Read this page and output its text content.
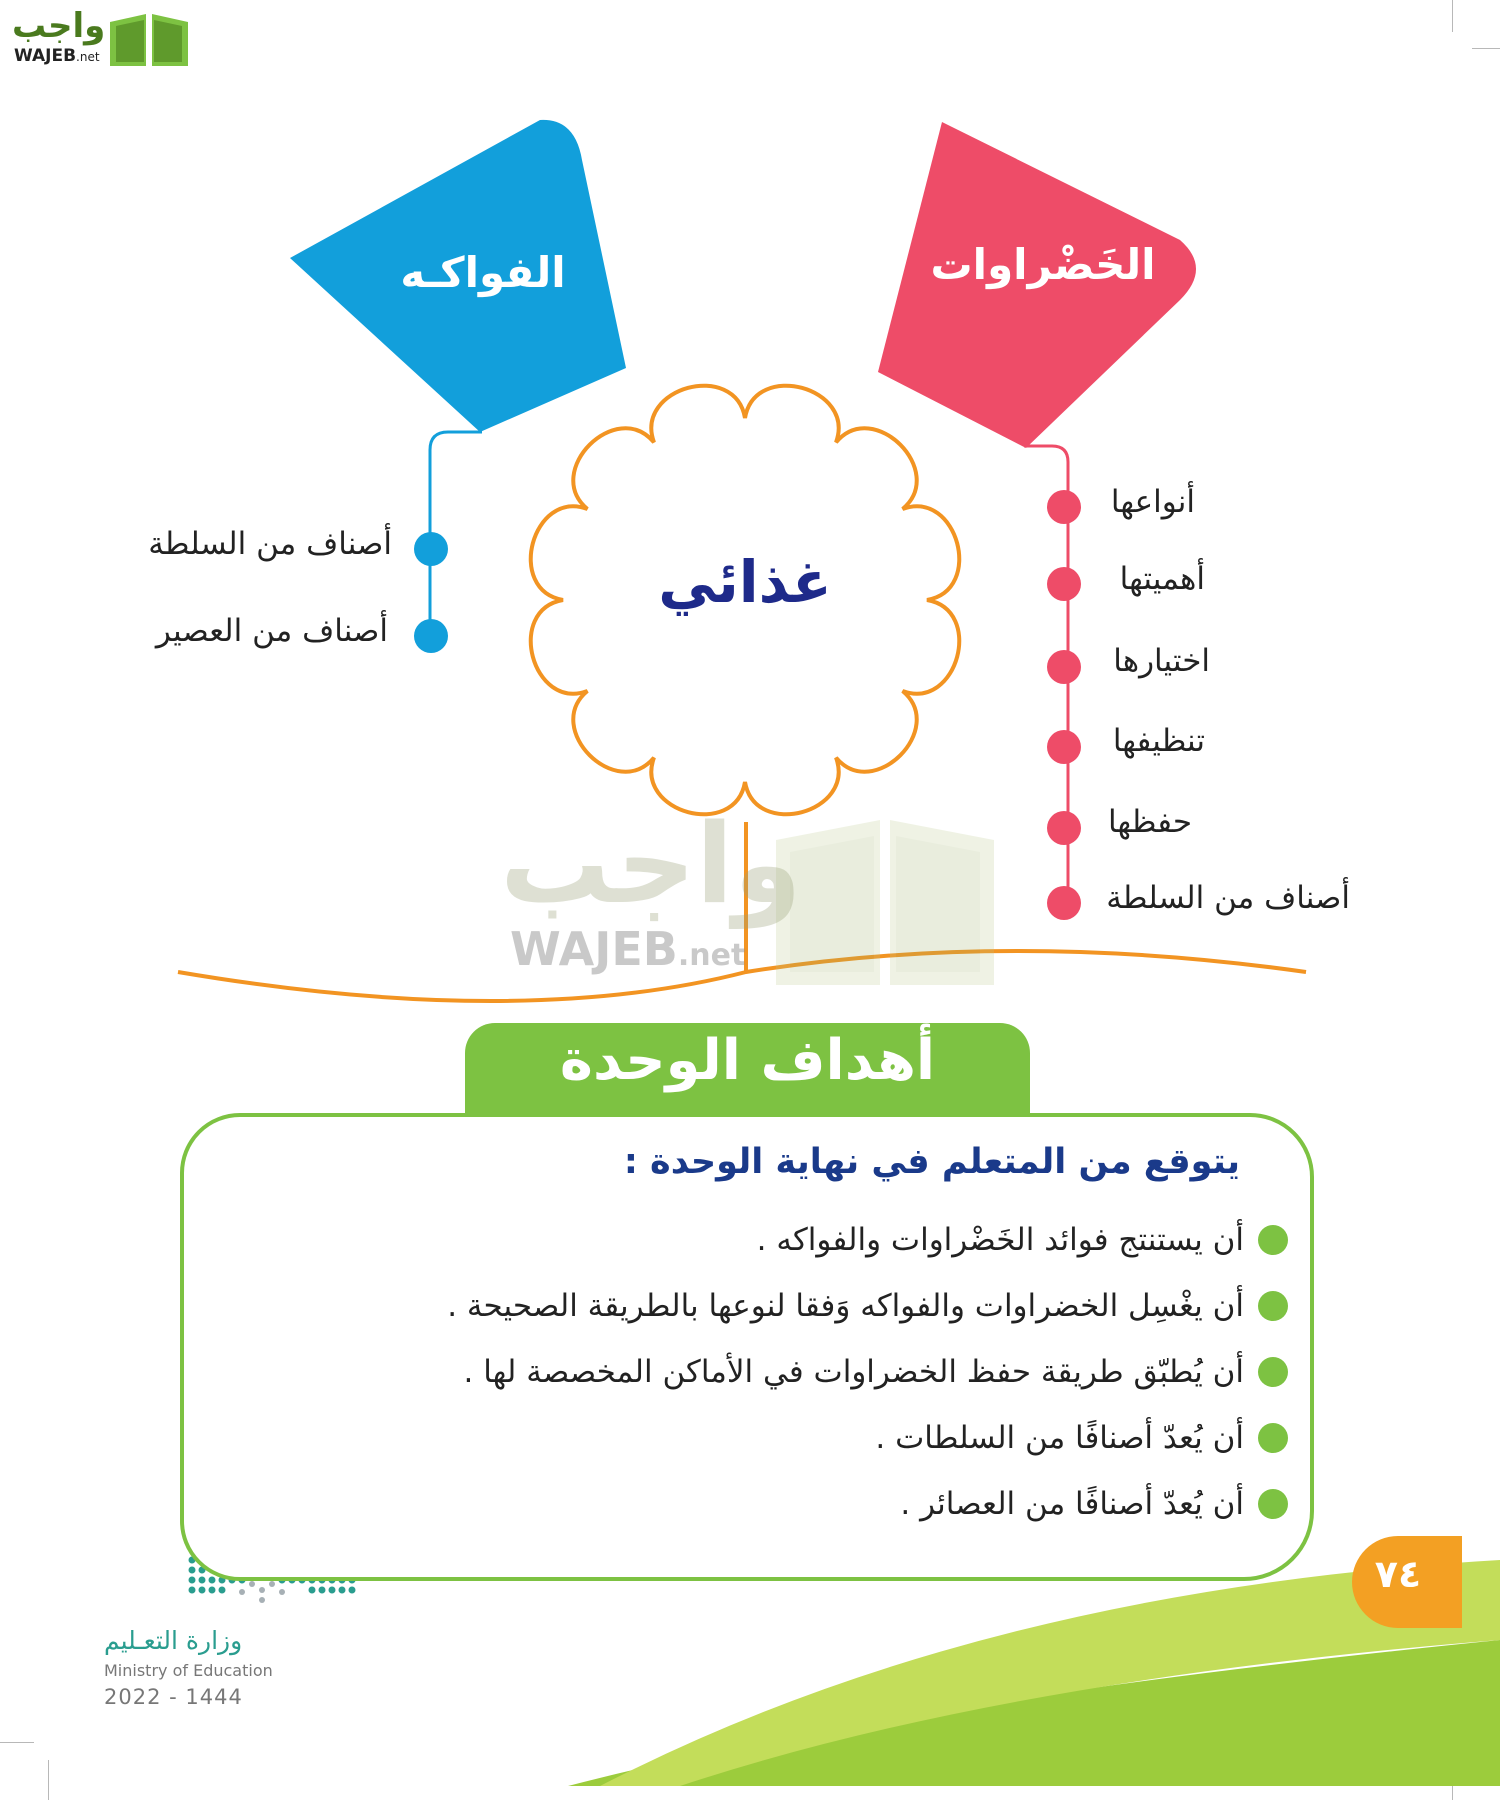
واجب
WAJEB.net
الفواكـه	الخَضْراوات
غذائي
أنواعها
أهميتها
اختيارها
تنظيفها
حفظها
أصناف من السلطة
أصناف من السلطة
أصناف من العصير
واجب
WAJEB.net
أهداف الوحدة
يتوقع من المتعلم في نهاية الوحدة :
أن يستنتج فوائد الخَضْراوات والفواكه .
أن يغْسِل الخضراوات والفواكه وَفقا لنوعها بالطريقة الصحيحة .
أن يُطبّق طريقة حفظ الخضراوات في الأماكن المخصصة لها .
أن يُعدّ أصنافًا من السلطات .
أن يُعدّ أصنافًا من العصائر .
٧٤
وزارة التعـليم
Ministry of Education
2022 - 1444
